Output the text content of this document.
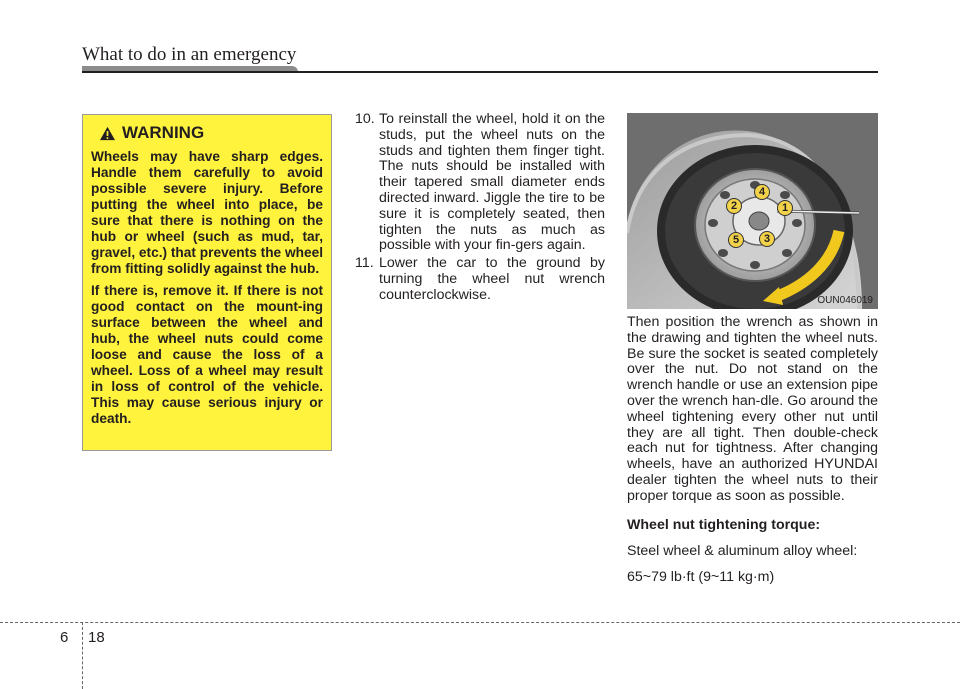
What to do in an emergency
WARNING

Wheels may have sharp edges. Handle them carefully to avoid possible severe injury. Before putting the wheel into place, be sure that there is nothing on the hub or wheel (such as mud, tar, gravel, etc.) that prevents the wheel from fitting solidly against the hub.

If there is, remove it. If there is not good contact on the mount-ing surface between the wheel and hub, the wheel nuts could come loose and cause the loss of a wheel. Loss of a wheel may result in loss of control of the vehicle. This may cause serious injury or death.

10. To reinstall the wheel, hold it on the studs, put the wheel nuts on the studs and tighten them finger tight. The nuts should be installed with their tapered small diameter ends directed inward. Jiggle the tire to be sure it is completely seated, then tighten the nuts as much as possible with your fin-gers again.
11. Lower the car to the ground by turning the wheel nut wrench counterclockwise.
4
2	1
5	3
OUN046019

Then position the wrench as shown in the drawing and tighten the wheel nuts. Be sure the socket is seated completely over the nut. Do not stand on the wrench handle or use an extension pipe over the wrench han-dle. Go around the wheel tightening every other nut until they are all tight. Then double-check each nut for tightness. After changing wheels, have an authorized HYUNDAI dealer tighten the wheel nuts to their proper torque as soon as possible.

Wheel nut tightening torque:

Steel wheel & aluminum alloy wheel:

65~79 lb·ft (9~11 kg·m)

6 18
